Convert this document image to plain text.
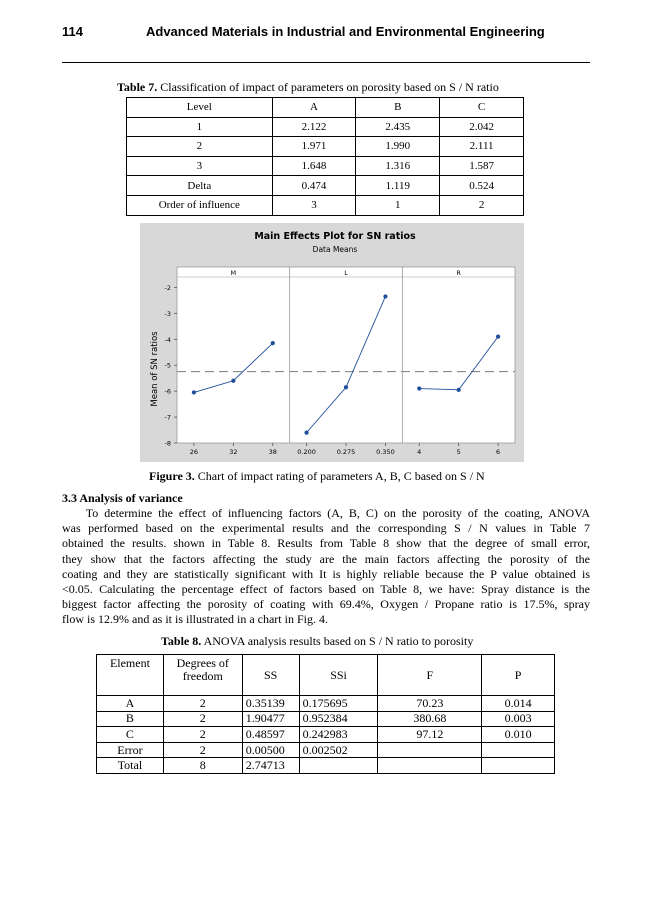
114	Advanced Materials in Industrial and Environmental Engineering
Table 7. Classification of impact of parameters on porosity based on S / N ratio
Level	A	B	C
1	2.122	2.435	2.042
2	1.971	1.990	2.111
3	1.648	1.316	1.587
Delta	0.474	1.119	0.524
Order of influence	3	1	2
Main Effects Plot for SN ratios
Data Means
Mean of SN ratios
-2
-3
-4
-5
-6
-7
-8
M
26	32	38
L
0.200	0.275	0.350
R
4	5	6
Figure 3. Chart of impact rating of parameters A, B, C based on S / N
3.3 Analysis of variance
To determine the effect of influencing factors (A, B, C) on the porosity of the coating, ANOVA
was performed based on the experimental results and the corresponding S / N values in Table 7
obtained the results. shown in Table 8. Results from Table 8 show that the degree of small error,
they show that the factors affecting the study are the main factors affecting the porosity of the
coating and they are statistically significant with It is highly reliable because the P value obtained is
<0.05. Calculating the percentage effect of factors based on Table 8, we have: Spray distance is the
biggest factor affecting the porosity of coating with 69.4%, Oxygen / Propane ratio is 17.5%, spray
flow is 12.9% and as it is illustrated in a chart in Fig. 4.
Table 8. ANOVA analysis results based on S / N ratio to porosity
Element	Degrees of freedom	SS	SSi	F	P
A	2	0.35139	0.175695	70.23	0.014
B	2	1.90477	0.952384	380.68	0.003
C	2	0.48597	0.242983	97.12	0.010
Error	2	0.00500	0.002502		
Total	8	2.74713			
